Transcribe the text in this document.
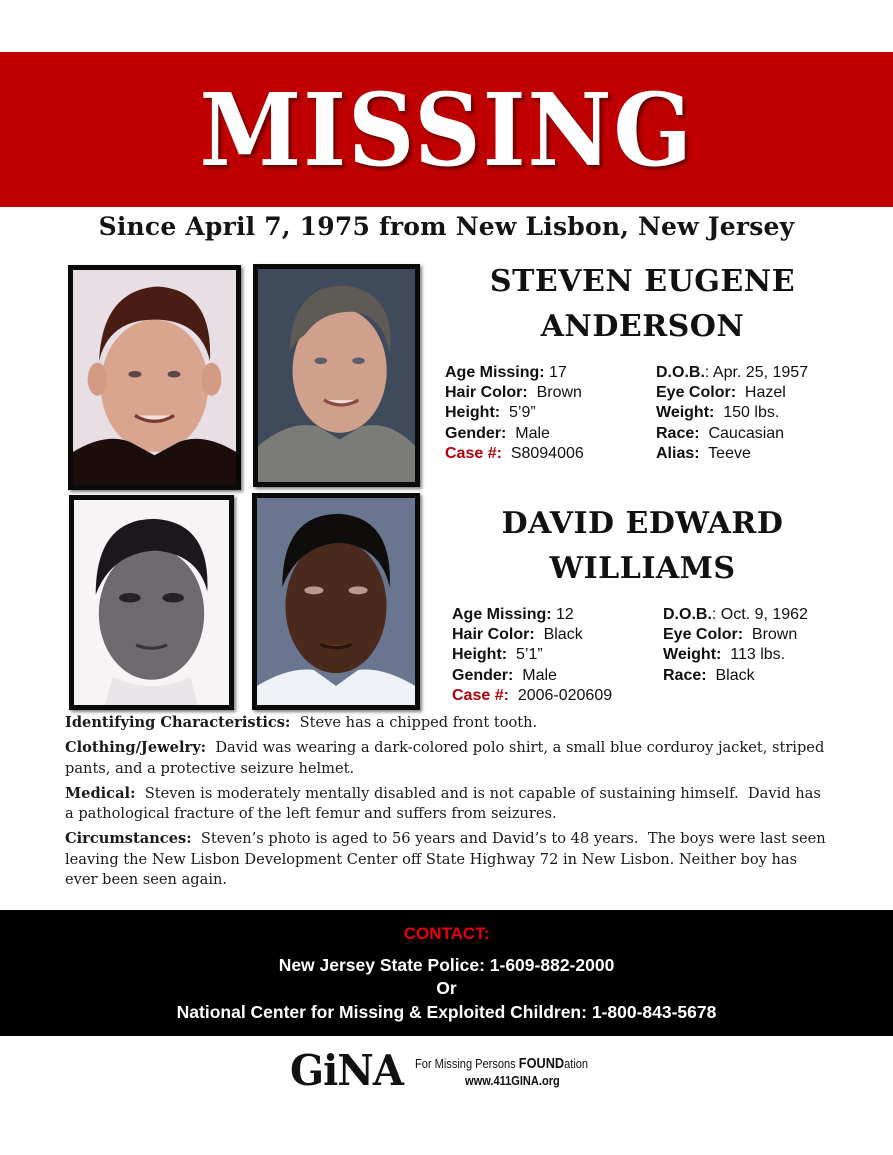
MISSING
Since April 7, 1975 from New Lisbon, New Jersey
STEVEN EUGENE
ANDERSON
Age Missing: 17
Hair Color:  Brown
Height:  5’9”
Gender:  Male
Case #:  S8094006
D.O.B.: Apr. 25, 1957
Eye Color:  Hazel
Weight:  150 lbs.
Race:  Caucasian
Alias:  Teeve
DAVID EDWARD
WILLIAMS
Age Missing: 12
Hair Color:  Black
Height:  5’1”
Gender:  Male
Case #:  2006-020609
D.O.B.: Oct. 9, 1962
Eye Color:  Brown
Weight:  113 lbs.
Race:  Black

Identifying Characteristics:  Steve has a chipped front tooth.

Clothing/Jewelry:  David was wearing a dark-colored polo shirt, a small blue corduroy jacket, striped pants, and a protective seizure helmet.

Medical:  Steven is moderately mentally disabled and is not capable of sustaining himself.  David has a pathological fracture of the left femur and suffers from seizures.

Circumstances:  Steven’s photo is aged to 56 years and David’s to 48 years.  The boys were last seen leaving the New Lisbon Development Center off State Highway 72 in New Lisbon. Neither boy has ever been seen again.

CONTACT:
New Jersey State Police: 1-609-882-2000
Or
National Center for Missing & Exploited Children: 1-800-843-5678
GiNA For Missing Persons FOUNDation
www.411GINA.org
